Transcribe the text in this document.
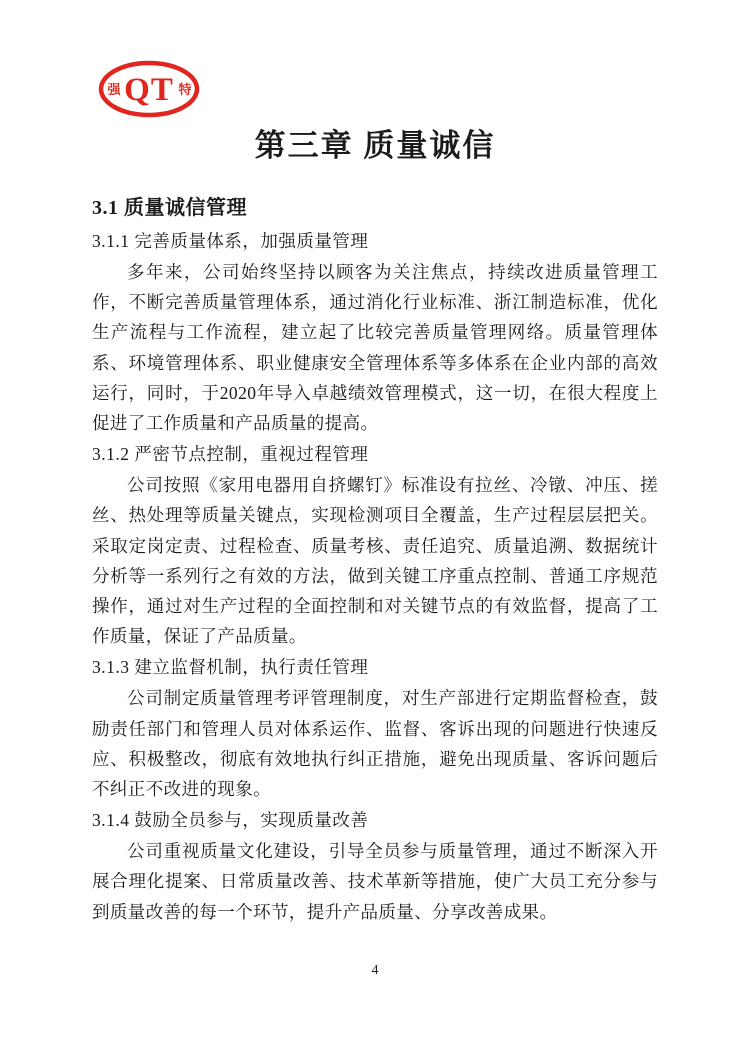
强 QT 特
第三章 质量诚信
3.1 质量诚信管理
3.1.1 完善质量体系，加强质量管理

多年来，公司始终坚持以顾客为关注焦点，持续改进质量管理工作，不断完善质量管理体系，通过消化行业标准、浙江制造标准，优化生产流程与工作流程，建立起了比较完善质量管理网络。质量管理体系、环境管理体系、职业健康安全管理体系等多体系在企业内部的高效运行，同时，于2020年导入卓越绩效管理模式，这一切，在很大程度上促进了工作质量和产品质量的提高。

3.1.2 严密节点控制，重视过程管理

公司按照《家用电器用自挤螺钉》标准设有拉丝、冷镦、冲压、搓丝、热处理等质量关键点，实现检测项目全覆盖，生产过程层层把关。采取定岗定责、过程检查、质量考核、责任追究、质量追溯、数据统计分析等一系列行之有效的方法，做到关键工序重点控制、普通工序规范操作，通过对生产过程的全面控制和对关键节点的有效监督，提高了工作质量，保证了产品质量。

3.1.3 建立监督机制，执行责任管理

公司制定质量管理考评管理制度，对生产部进行定期监督检查，鼓励责任部门和管理人员对体系运作、监督、客诉出现的问题进行快速反应、积极整改，彻底有效地执行纠正措施，避免出现质量、客诉问题后不纠正不改进的现象。

3.1.4 鼓励全员参与，实现质量改善

公司重视质量文化建设，引导全员参与质量管理，通过不断深入开展合理化提案、日常质量改善、技术革新等措施，使广大员工充分参与到质量改善的每一个环节，提升产品质量、分享改善成果。

4
